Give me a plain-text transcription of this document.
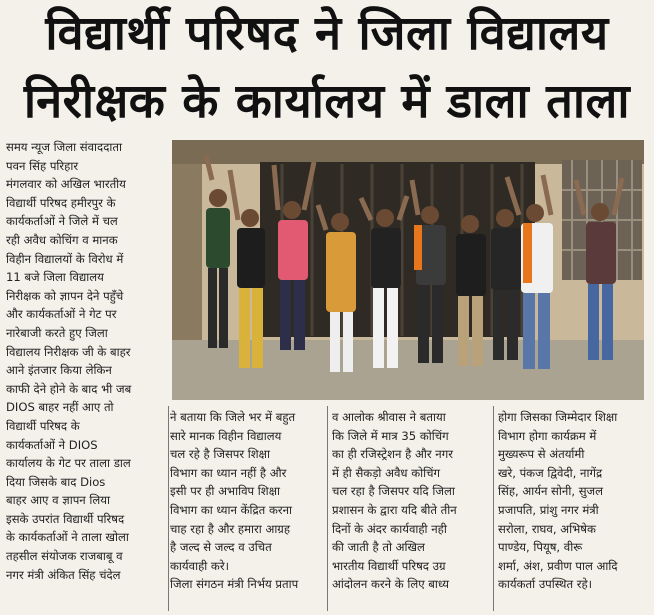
विद्यार्थी परिषद ने जिला विद्यालय
निरीक्षक के कार्यालय में डाला ताला
समय न्यूज जिला संवाददाता
पवन सिंह परिहार
मंगलवार को अखिल भारतीय
विद्यार्थी परिषद हमीरपुर के
कार्यकर्ताओं ने जिले में चल
रही अवैध कोचिंग व मानक
विहीन विद्यालयों के विरोध में
11 बजे जिला विद्यालय
निरीक्षक को ज्ञापन देने पहुँचे
और कार्यकर्ताओं ने गेट पर
नारेबाजी करते हुए जिला
विद्यालय निरीक्षक जी के बाहर
आने इंतजार किया लेकिन
काफी देने होने के बाद भी जब
DIOS बाहर नहीं आए तो
विद्यार्थी परिषद के
कार्यकर्ताओं ने DIOS
कार्यालय के गेट पर ताला डाल
दिया जिसके बाद Dios
बाहर आए व ज्ञापन लिया
इसके उपरांत विद्यार्थी परिषद
के कार्यकर्ताओं ने ताला खोला
तहसील संयोजक राजबाबू व
नगर मंत्री अंकित सिंह चंदेल
ने बताया कि जिले भर में बहुत
सारे मानक विहीन विद्यालय
चल रहे है जिसपर शिक्षा
विभाग का ध्यान नहीं है और
इसी पर ही अभाविप शिक्षा
विभाग का ध्यान केंद्रित करना
चाह रहा है और हमारा आग्रह
है जल्द से जल्द व उचित
कार्यवाही करे।
जिला संगठन मंत्री निर्भय प्रताप
व आलोक श्रीवास ने बताया
कि जिले में मात्र 35 कोचिंग
का ही रजिस्ट्रेशन है और नगर
में ही सैकड़ो अवैध कोचिंग
चल रहा है जिसपर यदि जिला
प्रशासन के द्वारा यदि बीते तीन
दिनों के अंदर कार्यवाही नही
की जाती है तो अखिल
भारतीय विद्यार्थी परिषद उग्र
आंदोलन करने के लिए बाध्य
होगा जिसका जिम्मेदार शिक्षा
विभाग होगा कार्यक्रम में
मुख्यरूप से अंतर्यामी
खरे, पंकज द्विवेदी, नागेंद्र
सिंह, आर्यन सोनी, सुजल
प्रजापति, प्रांशु नगर मंत्री
सरोला, राघव, अभिषेक
पाण्डेय, पियूष, वीरू
शर्मा, अंश, प्रवीण पाल आदि
कार्यकर्ता उपस्थित रहे।
